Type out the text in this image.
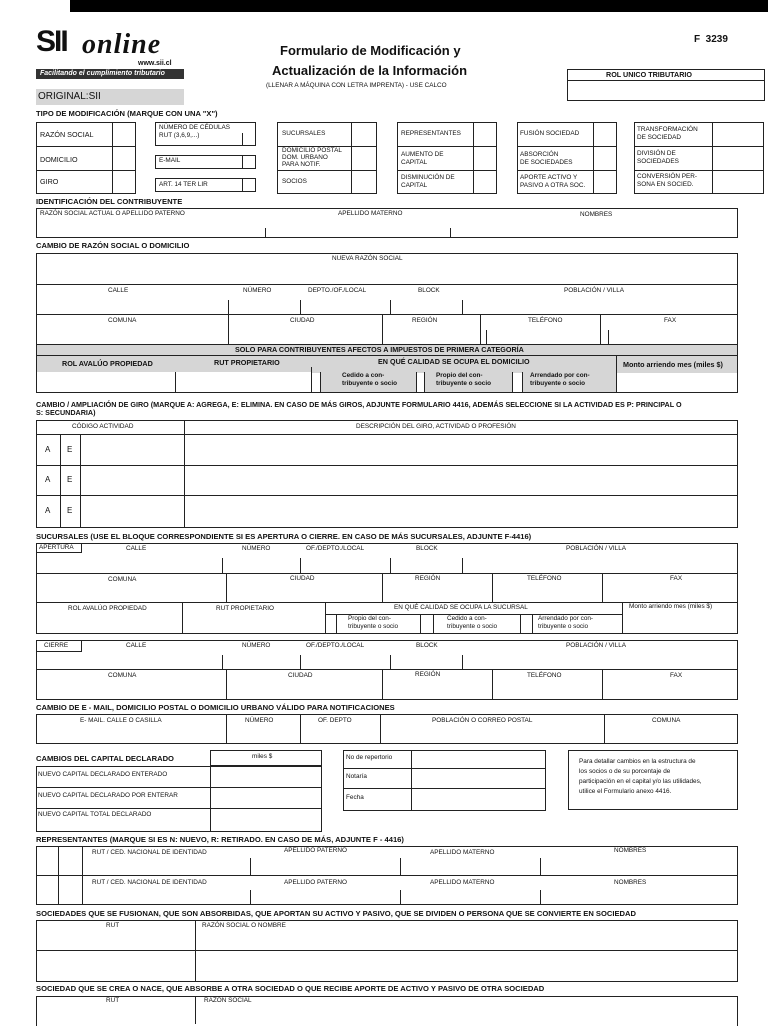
SII online
www.sii.cl
Facilitando el cumplimiento tributario
F  3239
Formulario de Modificación y
Actualización de la Información
(LLENAR A MÁQUINA CON LETRA IMPRENTA) - USE CALCO
ROL UNICO TRIBUTARIO
ORIGINAL:SII
TIPO DE MODIFICACIÓN (MARQUE CON UNA "X")
RAZÓN SOCIAL
DOMICILIO
GIRO
NÚMERO DE CÉDULAS
RUT (3,6,9,...)
E-MAIL
ART. 14 TER LIR
SUCURSALES
DOMICILIO POSTAL
DOM. URBANO
PARA NOTIF.
SOCIOS
REPRESENTANTES
AUMENTO DE
CAPITAL
DISMINUCIÓN DE
CAPITAL
FUSIÓN SOCIEDAD
ABSORCIÓN
DE SOCIEDADES
APORTE ACTIVO Y
PASIVO A OTRA SOC.
TRANSFORMACIÓN
DE SOCIEDAD
DIVISIÓN DE
SOCIEDADES
CONVERSIÓN PER-
SONA EN SOCIED.
IDENTIFICACIÓN DEL CONTRIBUYENTE
RAZÓN SOCIAL ACTUAL O APELLIDO PATERNO	APELLIDO MATERNO	NOMBRES
CAMBIO DE RAZÓN SOCIAL O DOMICILIO
NUEVA RAZÓN SOCIAL
CALLE	NÚMERO	DEPTO./OF./LOCAL	BLOCK	POBLACIÓN / VILLA
COMUNA	CIUDAD	REGIÓN	TELÉFONO	FAX
SOLO PARA CONTRIBUYENTES AFECTOS A IMPUESTOS DE PRIMERA CATEGORÍA
ROL AVALÚO PROPIEDAD	RUT PROPIETARIO	EN QUÉ CALIDAD SE OCUPA EL DOMICILIO
Cedido a con-
tribuyente o socio
Propio del con-
tribuyente o socio
Arrendado por con-
tribuyente o socio
Monto arriendo mes (miles $)
CAMBIO / AMPLIACIÓN DE GIRO (MARQUE A: AGREGA, E: ELIMINA. EN CASO DE MÁS GIROS, ADJUNTE FORMULARIO 4416, ADEMÁS SELECCIONE SI LA ACTIVIDAD ES P: PRINCIPAL O
S: SECUNDARIA)
CÓDIGO ACTIVIDAD	DESCRIPCIÓN DEL GIRO, ACTIVIDAD O PROFESIÓN
A E
A E
A E
SUCURSALES (USE EL BLOQUE CORRESPONDIENTE SI ES APERTURA O CIERRE. EN CASO DE MÁS SUCURSALES, ADJUNTE F-4416)
APERTURA	CALLE	NÚMERO	OF./DEPTO./LOCAL	BLOCK	POBLACIÓN / VILLA
COMUNA	CIUDAD	REGIÓN	TELÉFONO	FAX
ROL AVALÚO PROPIEDAD	RUT PROPIETARIO	EN QUÉ CALIDAD SE OCUPA LA SUCURSAL	Monto arriendo mes (miles $)
Propio del con-
tribuyente o socio
Cedido a con-
tribuyente o socio
Arrendado por con-
tribuyente o socio
CIERRE	CALLE	NÚMERO	OF./DEPTO./LOCAL	BLOCK	POBLACIÓN / VILLA
COMUNA	CIUDAD	REGIÓN	TELÉFONO	FAX
CAMBIO DE E - MAIL, DOMICILIO POSTAL O DOMICILIO URBANO VÁLIDO PARA NOTIFICACIONES
E- MAIL. CALLE O CASILLA	NÚMERO	OF. DEPTO	POBLACIÓN O CORREO POSTAL	COMUNA
CAMBIOS DEL CAPITAL DECLARADO	miles $
NUEVO CAPITAL DECLARADO ENTERADO
NUEVO CAPITAL DECLARADO POR ENTERAR
NUEVO CAPITAL TOTAL DECLARADO
No de repertorio
Notaría
Fecha
Para detallar cambios en la estructura de
los socios o de su porcentaje de
participación en el capital y/o las utilidades,
utilice el Formulario anexo 4416.
REPRESENTANTES (MARQUE SI ES N: NUEVO, R: RETIRADO. EN CASO DE MÁS, ADJUNTE F - 4416)
RUT / CED. NACIONAL DE IDENTIDAD	APELLIDO PATERNO	APELLIDO MATERNO	NOMBRES
RUT / CED. NACIONAL DE IDENTIDAD	APELLIDO PATERNO	APELLIDO MATERNO	NOMBRES
SOCIEDADES QUE SE FUSIONAN, QUE SON ABSORBIDAS, QUE APORTAN SU ACTIVO Y PASIVO, QUE SE DIVIDEN O PERSONA QUE SE CONVIERTE EN SOCIEDAD
RUT	RAZÓN SOCIAL O NOMBRE
SOCIEDAD QUE SE CREA O NACE, QUE ABSORBE A OTRA SOCIEDAD O QUE RECIBE APORTE DE ACTIVO Y PASIVO DE OTRA SOCIEDAD
RUT	RAZÓN SOCIAL
